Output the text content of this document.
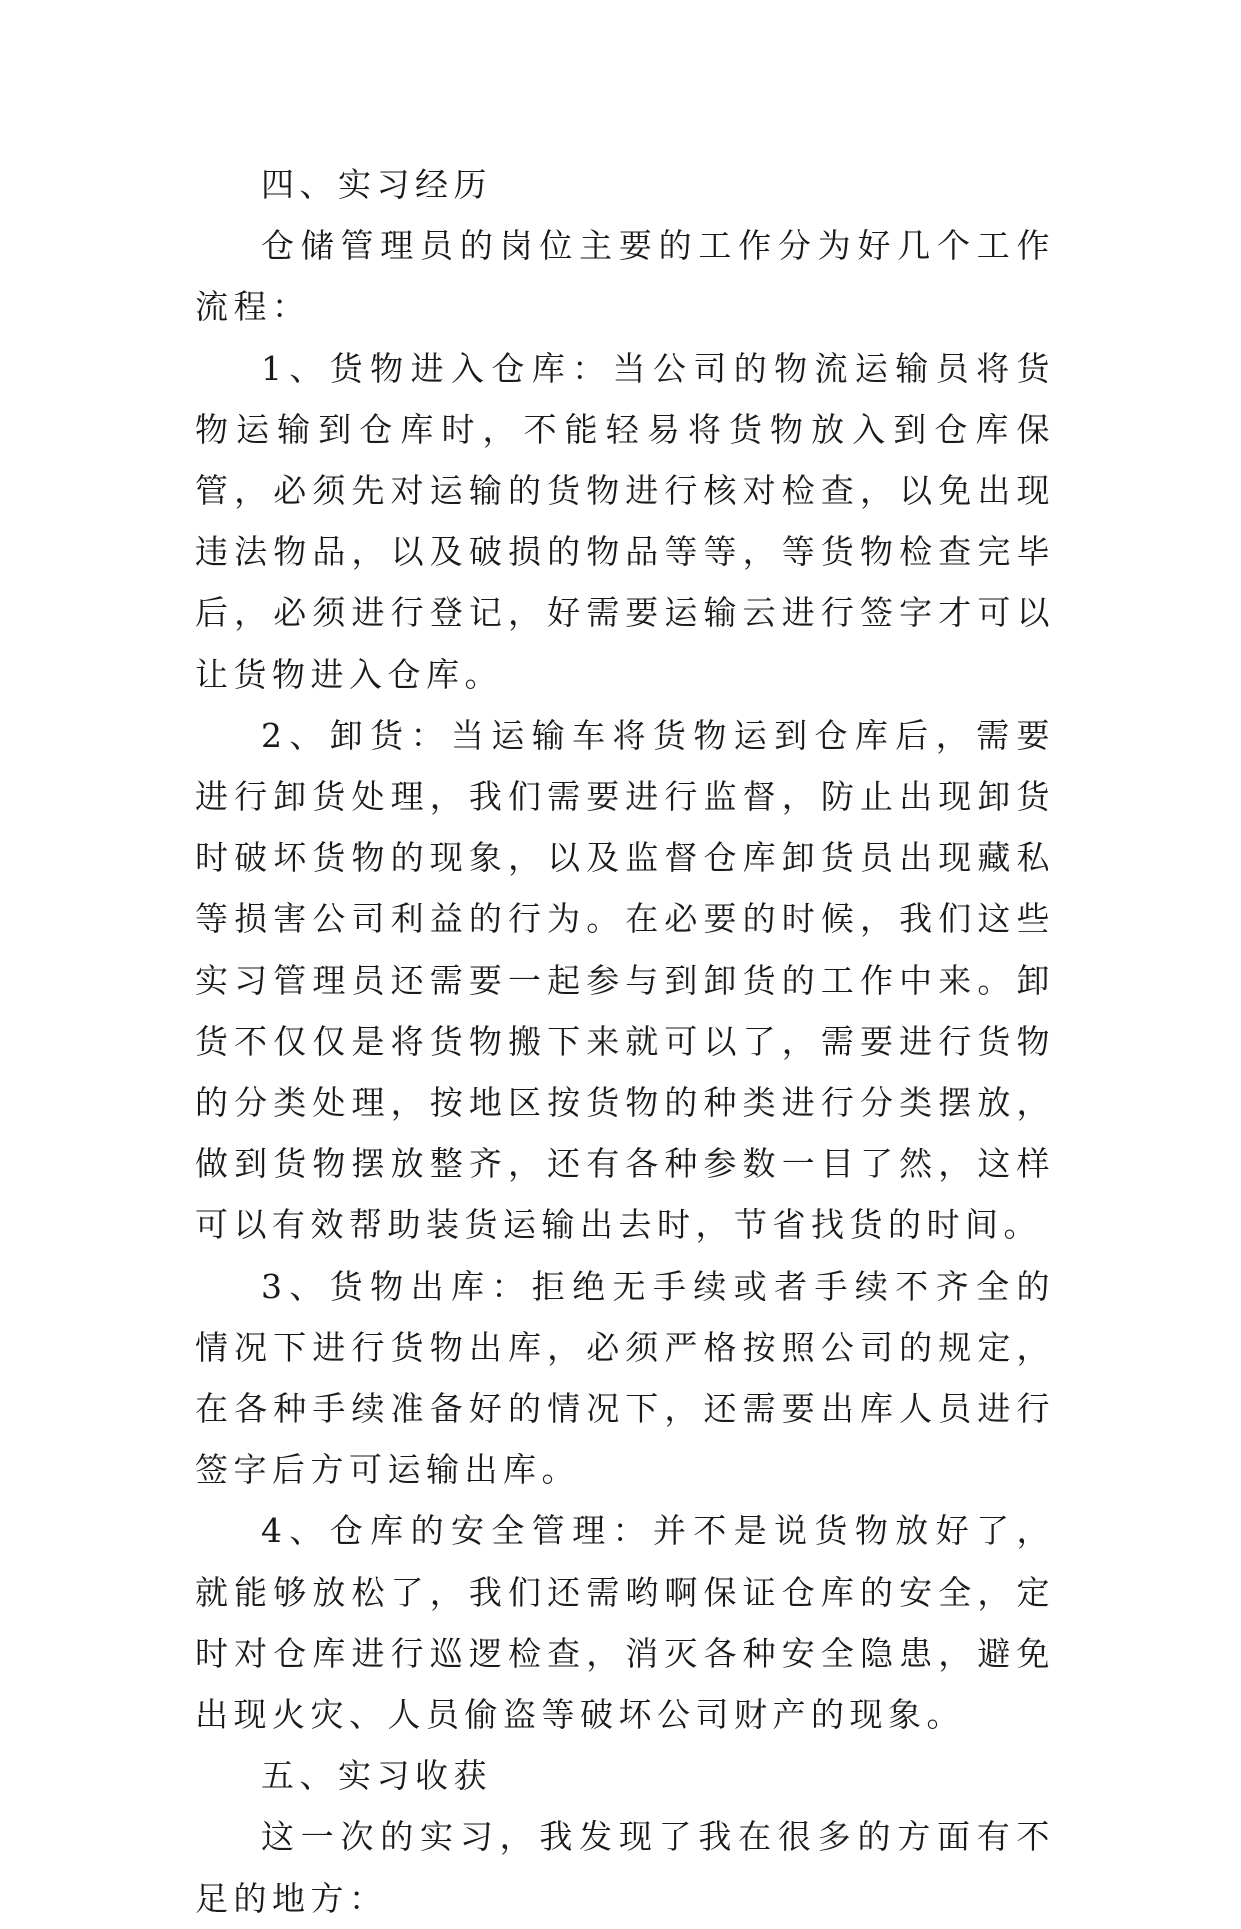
四、实习经历

仓储管理员的岗位主要的工作分为好几个工作流程：

1、货物进入仓库：当公司的物流运输员将货物运输到仓库时，不能轻易将货物放入到仓库保管，必须先对运输的货物进行核对检查，以免出现违法物品，以及破损的物品等等，等货物检查完毕后，必须进行登记，好需要运输云进行签字才可以让货物进入仓库。

2、卸货：当运输车将货物运到仓库后，需要进行卸货处理，我们需要进行监督，防止出现卸货时破坏货物的现象，以及监督仓库卸货员出现藏私等损害公司利益的行为。在必要的时候，我们这些实习管理员还需要一起参与到卸货的工作中来。卸货不仅仅是将货物搬下来就可以了，需要进行货物的分类处理，按地区按货物的种类进行分类摆放，做到货物摆放整齐，还有各种参数一目了然，这样可以有效帮助装货运输出去时，节省找货的时间。

3、货物出库：拒绝无手续或者手续不齐全的情况下进行货物出库，必须严格按照公司的规定，在各种手续准备好的情况下，还需要出库人员进行签字后方可运输出库。

4、仓库的安全管理：并不是说货物放好了，就能够放松了，我们还需哟啊保证仓库的安全，定时对仓库进行巡逻检查，消灭各种安全隐患，避免出现火灾、人员偷盗等破坏公司财产的现象。

五、实习收获

这一次的实习，我发现了我在很多的方面有不足的地方：
